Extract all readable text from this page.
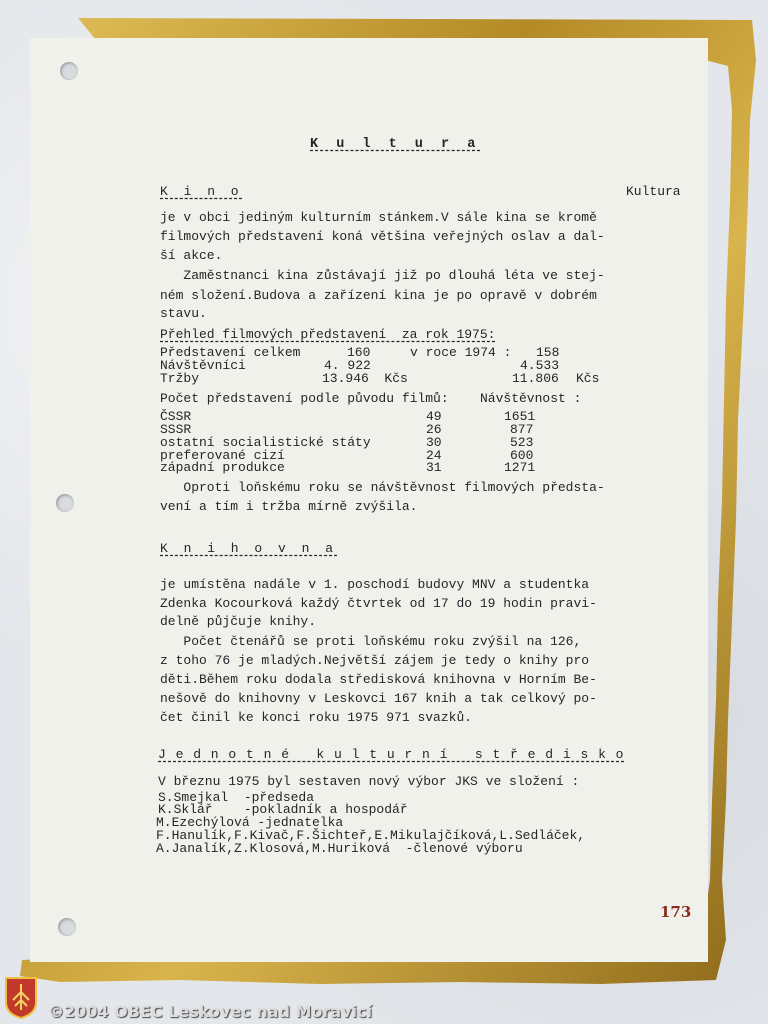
K u l t u r a
Kultura
K i n o
je v obci jediným kulturním stánkem.V sále kina se kromě
filmových představení koná většina veřejných oslav a dal-
ší akce.
Zaměstnanci kina zůstávají již po dlouhá léta ve stej-
ném složení.Budova a zařízení kina je po opravě v dobrém
stavu.
Přehled filmových představení  za rok 1975:
Představení celkem	160	v roce 1974 : 158
Návštěvníci	4. 922	4.533
Tržby	13.946  Kčs	11.806 Kčs
Počet představení podle původu filmů: Návštěvnost :
ČSSR	49	1651
SSSR	26	877
ostatní socialistické státy	30	523
preferované cizí	24	600
západní produkce	31	1271
Oproti loňskému roku se návštěvnost filmových předsta-
vení a tím i tržba mírně zvýšila.
K n i h o v n a
je umístěna nadále v 1. poschodí budovy MNV a studentka
Zdenka Kocourková každý čtvrtek od 17 do 19 hodin pravi-
delně půjčuje knihy.
Počet čtenářů se proti loňskému roku zvýšil na 126,
z toho 76 je mladých.Největší zájem je tedy o knihy pro
děti.Během roku dodala středisková knihovna v Horním Be-
nešově do knihovny v Leskovci 167 knih a tak celkový po-
čet činil ke konci roku 1975 971 svazků.
J e d n o t n é   k u l t u r n í   s t ř e d i s k o
V březnu 1975 byl sestaven nový výbor JKS ve složení :
S.Smejkal  -předseda
K.Sklář    -pokladník a hospodář
M.Ezechýlová -jednatelka
F.Hanulík,F.Kivač,F.Šichteř,E.Mikulajčíková,L.Sedláček,
A.Janalík,Z.Klosová,M.Huriková  -členové výboru
173
©2004 OBEC Leskovec nad Moravicí
